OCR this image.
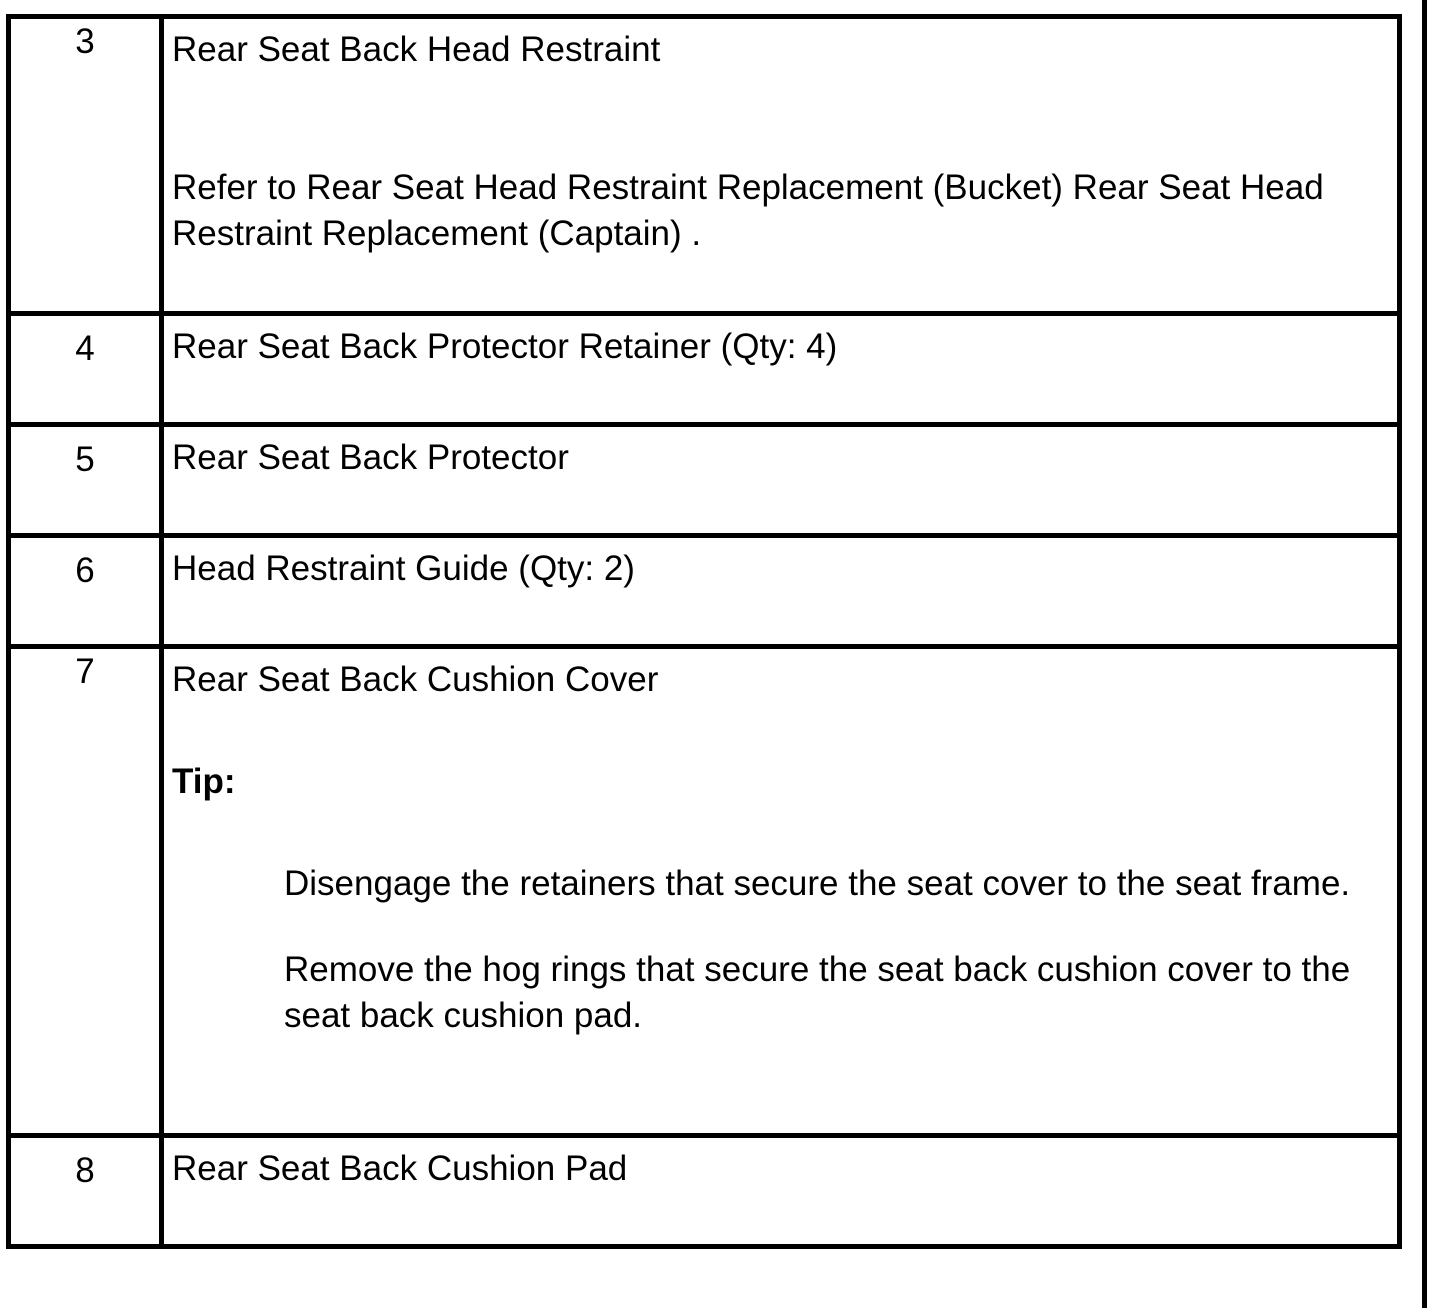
3	Rear Seat Back Head Restraint
Refer to Rear Seat Head Restraint Replacement (Bucket) Rear Seat Head Restraint Replacement (Captain) .

4	Rear Seat Back Protector Retainer (Qty: 4)

5	Rear Seat Back Protector

6	Head Restraint Guide (Qty: 2)

7	Rear Seat Back Cushion Cover
Tip:
Disengage the retainers that secure the seat cover to the seat frame.
Remove the hog rings that secure the seat back cushion cover to the seat back cushion pad.

8	Rear Seat Back Cushion Pad
